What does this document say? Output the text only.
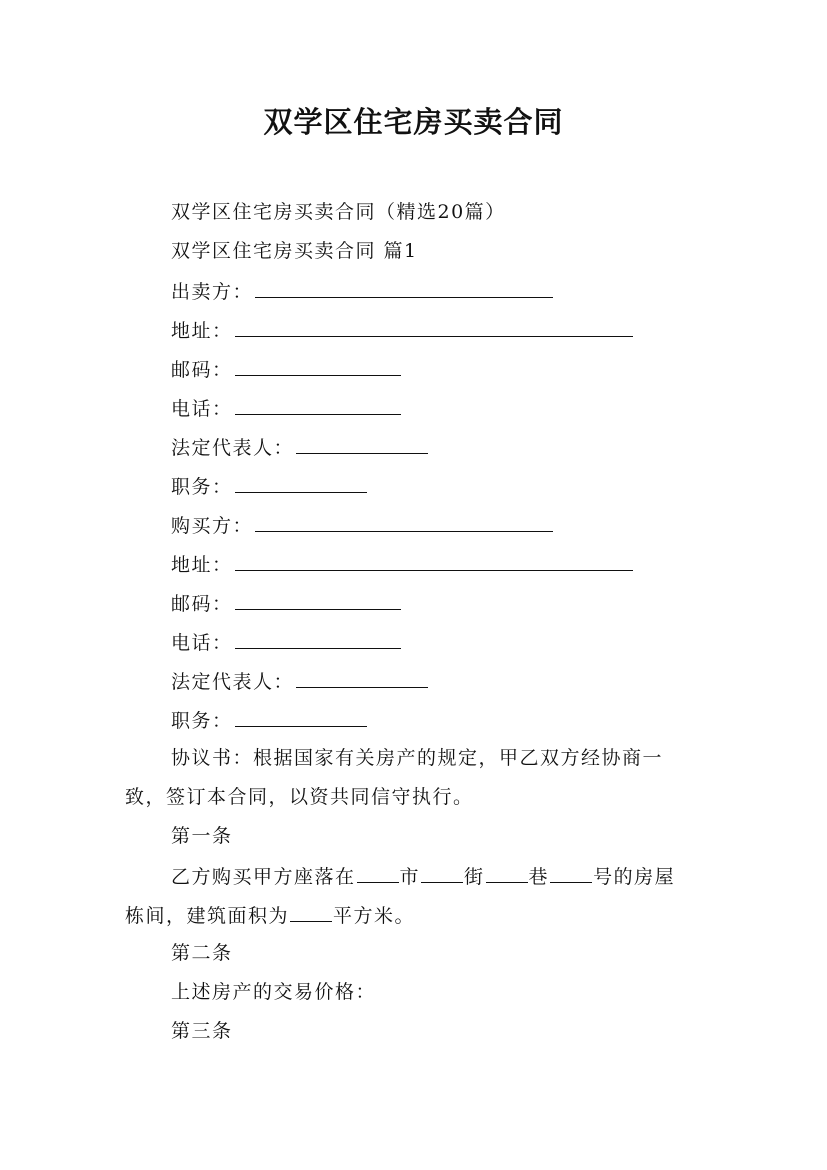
双学区住宅房买卖合同
双学区住宅房买卖合同（精选20篇）
双学区住宅房买卖合同 篇1
出卖方：
地址：
邮码：
电话：
法定代表人：
职务：
购买方：
地址：
邮码：
电话：
法定代表人：
职务：
协议书：根据国家有关房产的规定，甲乙双方经协商一
致，签订本合同，以资共同信守执行。
第一条
乙方购买甲方座落在 市 街 巷 号的房屋
栋间，建筑面积为 平方米。
第二条
上述房产的交易价格：
第三条
